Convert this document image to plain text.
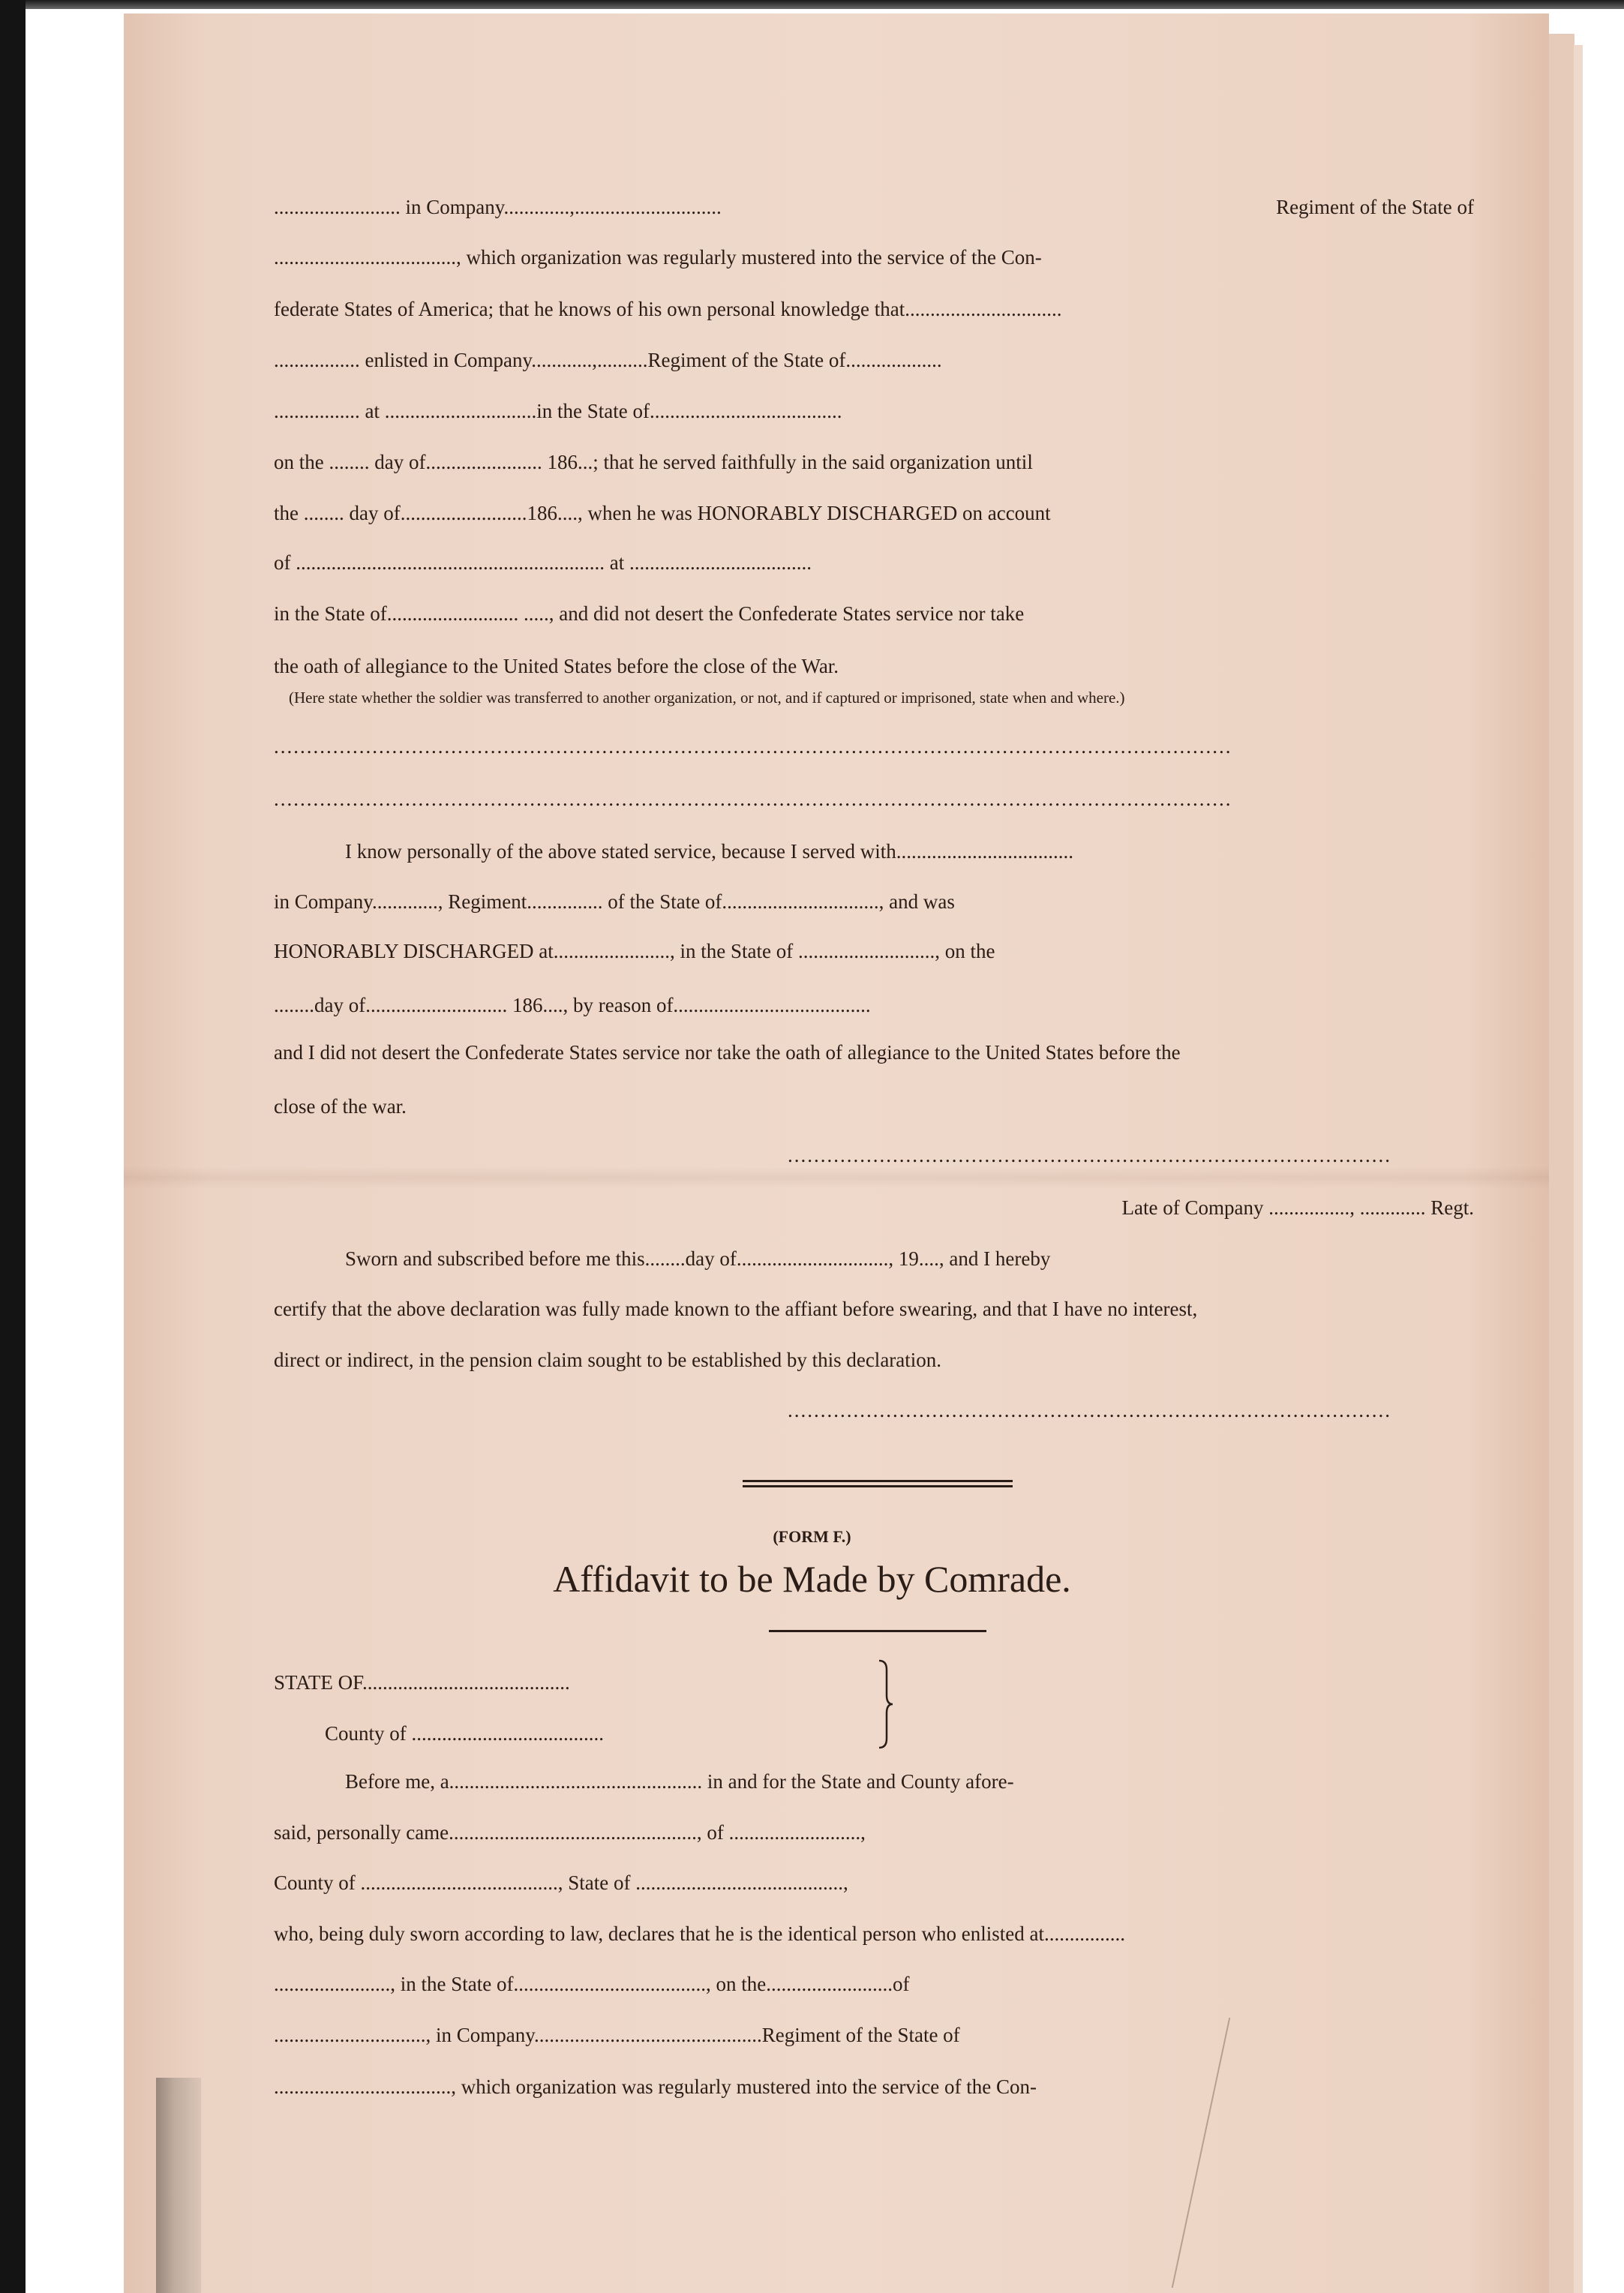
......................... in Company.............,.............................	Regiment of the State of
...................................., which organization was regularly mustered into the service of the Con-
federate States of America; that he knows of his own personal knowledge that...............................
................. enlisted in Company............,..........Regiment of the State of...................
................. at ..............................in the State of......................................
on the ........ day of....................... 186...; that he served faithfully in the said organization until
the ........ day of.........................186...., when he was HONORABLY DISCHARGED on account
of ............................................................. at ....................................
in the State of.......................... ....., and did not desert the Confederate States service nor take
the oath of allegiance to the United States before the close of the War.
(Here state whether the soldier was transferred to another organization, or not, and if captured or imprisoned, state when and where.)
..................................................................................................................................................
..................................................................................................................................................
I know personally of the above stated service, because I served with...................................
in Company............., Regiment............... of the State of..............................., and was
HONORABLY DISCHARGED at......................., in the State of ..........................., on the
........day of............................ 186...., by reason of.......................................
and I did not desert the Confederate States service nor take the oath of allegiance to the United States before the
close of the war.
............................................................................................
Late of Company ................, ............. Regt.
Sworn and subscribed before me this........day of.............................., 19...., and I hereby
certify that the above declaration was fully made known to the affiant before swearing, and that I have no interest,
direct or indirect, in the pension claim sought to be established by this declaration.
............................................................................................
(FORM F.)
Affidavit to be Made by Comrade.
STATE OF.........................................
County of ......................................
Before me, a.................................................. in and for the State and County afore-
said, personally came................................................., of ..........................,
County of ......................................., State of .........................................,
who, being duly sworn according to law, declares that he is the identical person who enlisted at................
......................., in the State of......................................, on the.........................of
.............................., in Company.............................................Regiment of the State of
..................................., which organization was regularly mustered into the service of the Con-
